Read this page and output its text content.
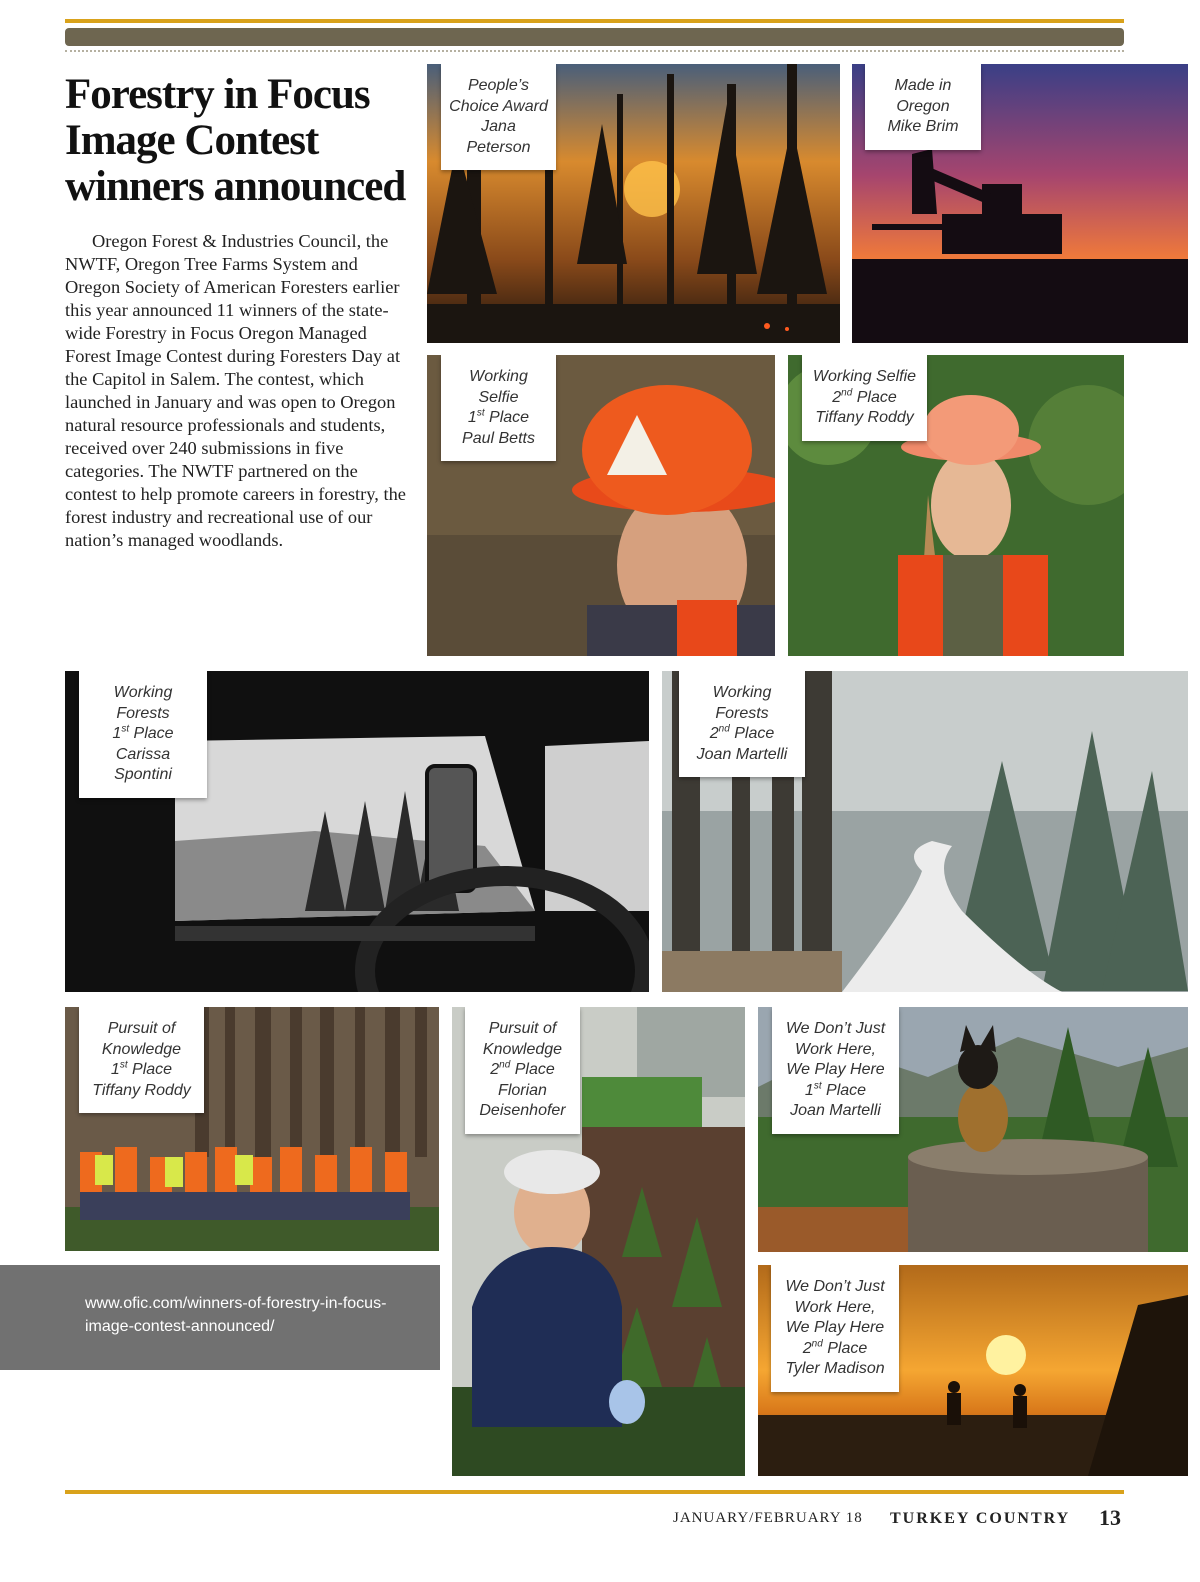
Forestry in Focus Image Contest winners announced

Oregon Forest & Industries Council, the NWTF, Oregon Tree Farms System and Oregon Society of American Foresters earlier this year announced 11 winners of the state-wide Forestry in Focus Oregon Managed Forest Image Contest during Foresters Day at the Capitol in Salem. The contest, which launched in January and was open to Oregon natural resource professionals and students, received over 240 submissions in five categories. The NWTF partnered on the contest to help promote careers in forestry, the forest industry and recreational use of our nation’s managed woodlands.

People’s
Choice Award
Jana Peterson
Made in
Oregon
Mike Brim
Working Selfie
1st Place
Paul Betts
Working Selfie
2nd Place
Tiffany Roddy
Working Forests
1st Place
Carissa Spontini
Working Forests
2nd Place
Joan Martelli
Pursuit of
Knowledge
1st Place
Tiffany Roddy
Pursuit of
Knowledge
2nd Place
Florian
Deisenhofer
We Don’t Just
Work Here,
We Play Here
1st Place
Joan Martelli
We Don’t Just
Work Here,
We Play Here
2nd Place
Tyler Madison
www.ofic.com/winners-of-forestry-in-focus-image-contest-announced/
JANUARY/FEBRUARY 18 TURKEY COUNTRY 13
